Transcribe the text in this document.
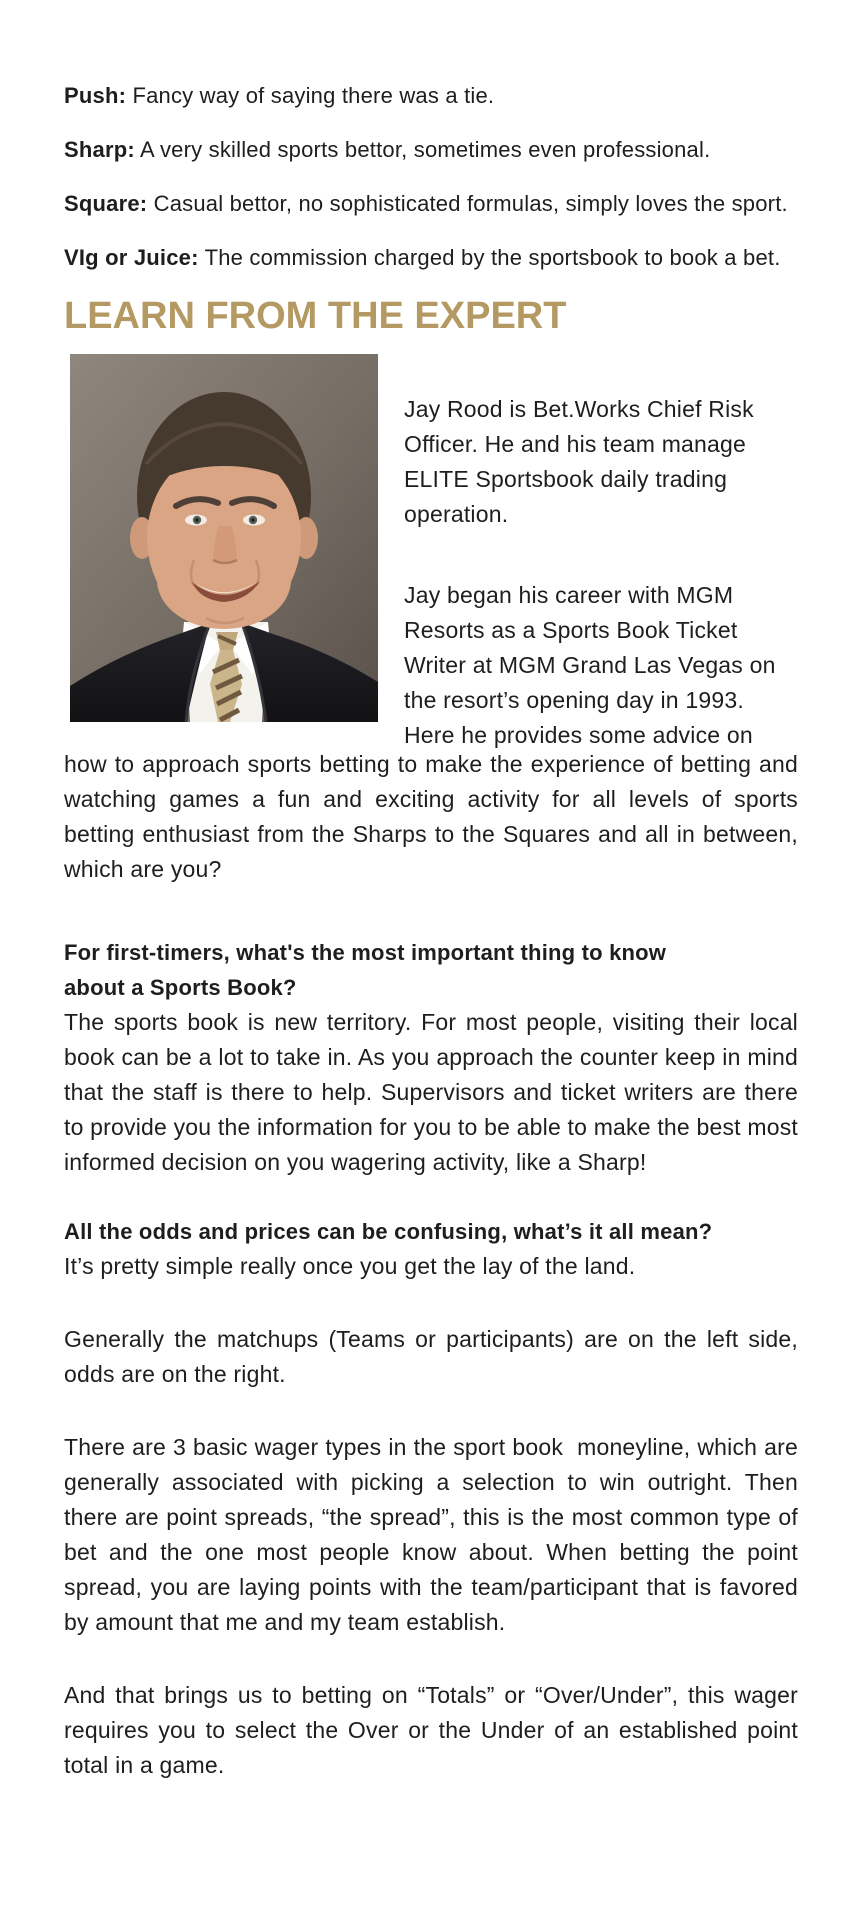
Push: Fancy way of saying there was a tie.

Sharp: A very skilled sports bettor, sometimes even professional.

Square: Casual bettor, no sophisticated formulas, simply loves the sport.

VIg or Juice: The commission charged by the sportsbook to book a bet.

LEARN FROM THE EXPERT

Jay Rood is Bet.Works Chief Risk Officer. He and his team manage ELITE Sportsbook daily trading operation.

Jay began his career with MGM Resorts as a Sports Book Ticket Writer at MGM Grand Las Vegas on the resort’s opening day in 1993. Here he provides some advice on

how to approach sports betting to make the experience of betting and watching games a fun and exciting activity for all levels of sports betting enthusiast from the Sharps to the Squares and all in between, which are you?

For first-timers, what's the most important thing to know about a Sports Book?

The sports book is new territory. For most people, visiting their local book can be a lot to take in. As you approach the counter keep in mind that the staff is there to help. Supervisors and ticket writers are there to provide you the information for you to be able to make the best most informed decision on you wagering activity, like a Sharp!

All the odds and prices can be confusing, what’s it all mean?

It’s pretty simple really once you get the lay of the land.

Generally the matchups (Teams or participants) are on the left side, odds are on the right.

There are 3 basic wager types in the sport book  moneyline, which are generally associated with picking a selection to win outright. Then there are point spreads, “the spread”, this is the most common type of bet and the one most people know about. When betting the point spread, you are laying points with the team/participant that is favored by amount that me and my team establish.

And that brings us to betting on “Totals” or “Over/Under”, this wager requires you to select the Over or the Under of an established point total in a game.
